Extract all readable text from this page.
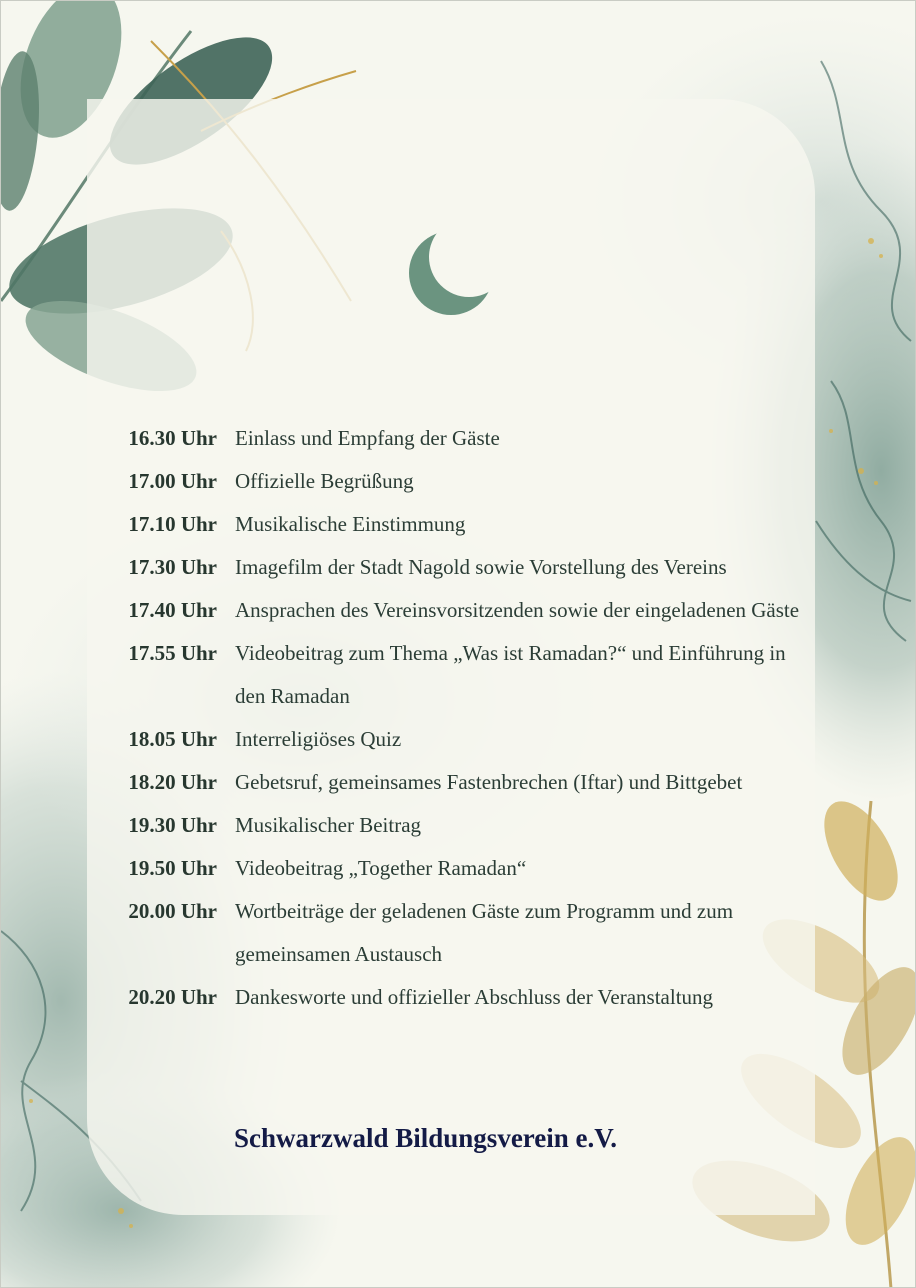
16.30 Uhr Einlass und Empfang der Gäste
17.00 Uhr Offizielle Begrüßung
17.10 Uhr Musikalische Einstimmung
17.30 Uhr Imagefilm der Stadt Nagold sowie Vorstellung des Vereins
17.40 Uhr Ansprachen des Vereinsvorsitzenden sowie der eingeladenen Gäste
17.55 Uhr Videobeitrag zum Thema „Was ist Ramadan?“ und Einführung in den Ramadan
18.05 Uhr Interreligiöses Quiz
18.20 Uhr Gebetsruf, gemeinsames Fastenbrechen (Iftar) und Bittgebet
19.30 Uhr Musikalischer Beitrag
19.50 Uhr Videobeitrag „Together Ramadan“
20.00 Uhr Wortbeiträge der geladenen Gäste zum Programm und zum gemeinsamen Austausch
20.20 Uhr Dankesworte und offizieller Abschluss der Veranstaltung
Schwarzwald Bildungsverein e.V.
